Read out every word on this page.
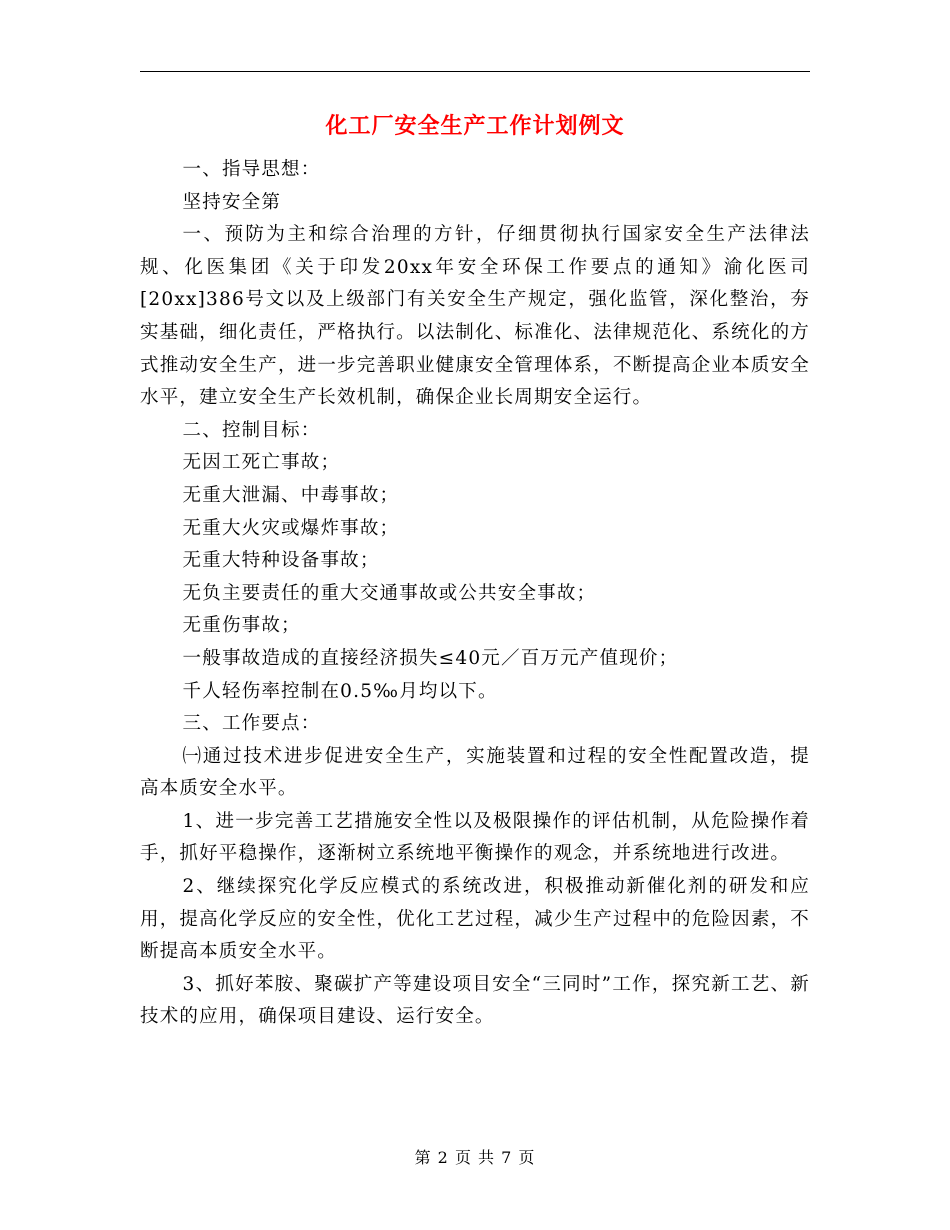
化工厂安全生产工作计划例文

一、指导思想：

坚持安全第

一、预防为主和综合治理的方针，仔细贯彻执行国家安全生产法律法规、化医集团《关于印发20xx年安全环保工作要点的通知》渝化医司[20xx]386号文以及上级部门有关安全生产规定，强化监管，深化整治，夯实基础，细化责任，严格执行。以法制化、标准化、法律规范化、系统化的方式推动安全生产，进一步完善职业健康安全管理体系，不断提高企业本质安全水平，建立安全生产长效机制，确保企业长周期安全运行。

二、控制目标：

无因工死亡事故；

无重大泄漏、中毒事故；

无重大火灾或爆炸事故；

无重大特种设备事故；

无负主要责任的重大交通事故或公共安全事故；

无重伤事故；

一般事故造成的直接经济损失≤40元／百万元产值现价；

千人轻伤率控制在0.5‰月均以下。

三、工作要点：

㈠通过技术进步促进安全生产，实施装置和过程的安全性配置改造，提高本质安全水平。

1、进一步完善工艺措施安全性以及极限操作的评估机制，从危险操作着手，抓好平稳操作，逐渐树立系统地平衡操作的观念，并系统地进行改进。

2、继续探究化学反应模式的系统改进，积极推动新催化剂的研发和应用，提高化学反应的安全性，优化工艺过程，减少生产过程中的危险因素，不断提高本质安全水平。

3、抓好苯胺、聚碳扩产等建设项目安全“三同时”工作，探究新工艺、新技术的应用，确保项目建设、运行安全。

第 2 页 共 7 页
